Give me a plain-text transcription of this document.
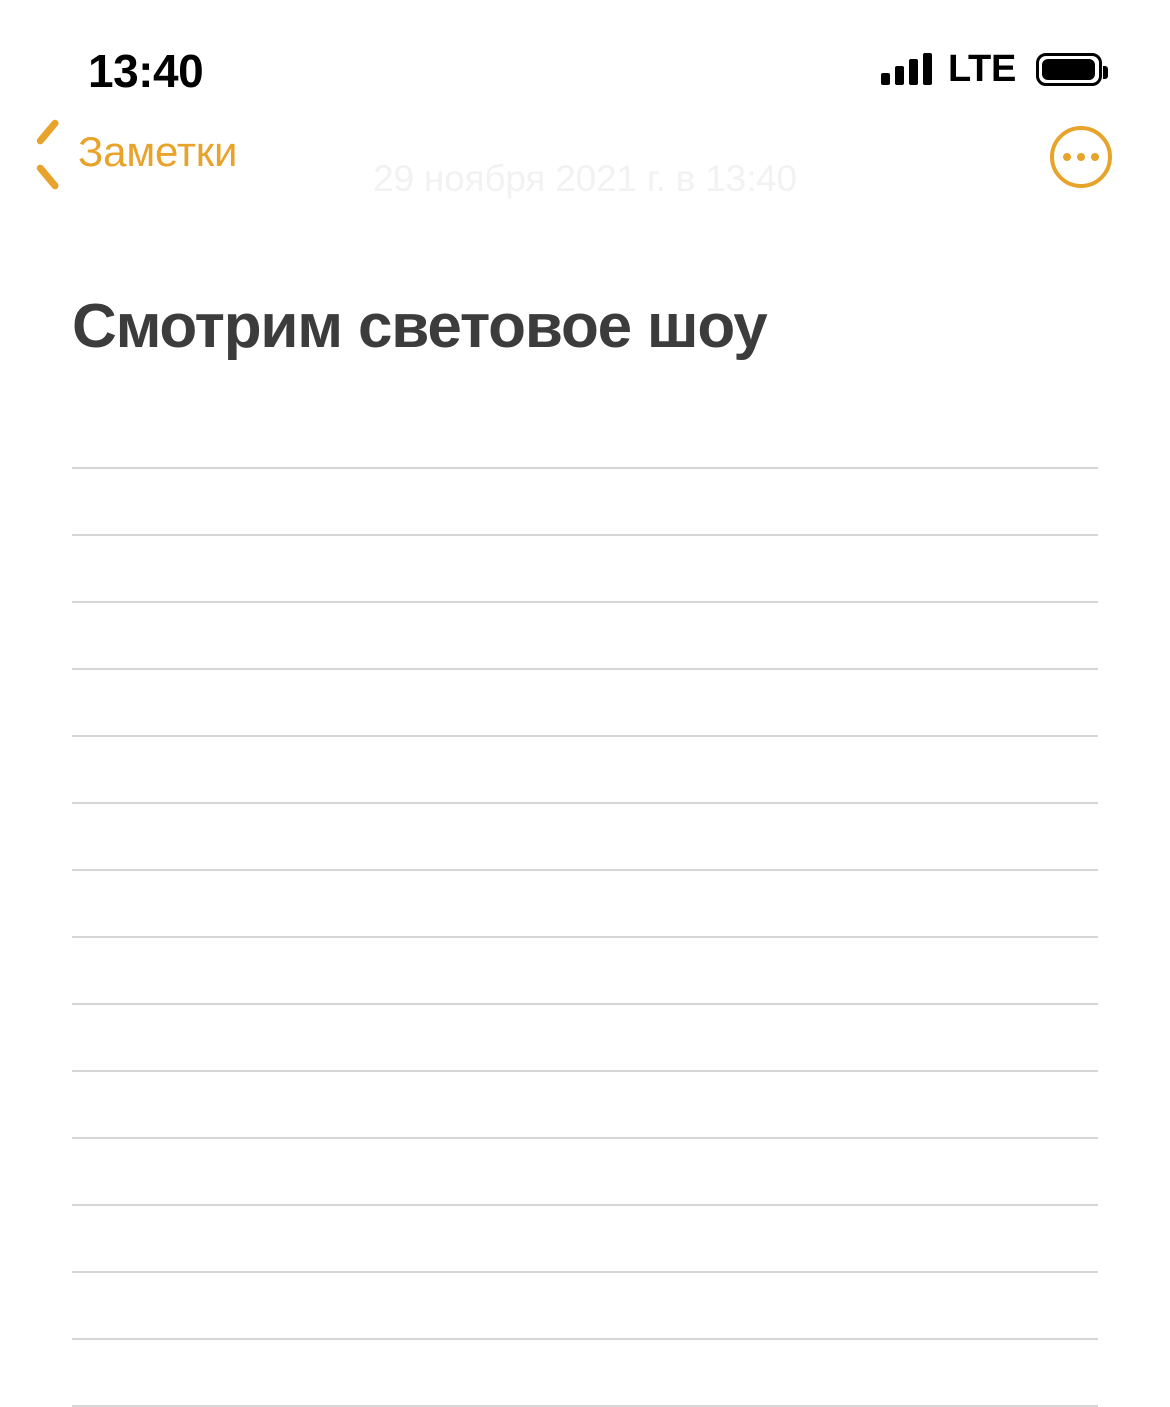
13:40	LTE
Заметки
29 ноября 2021 г. в 13:40
Смотрим световое шоу
